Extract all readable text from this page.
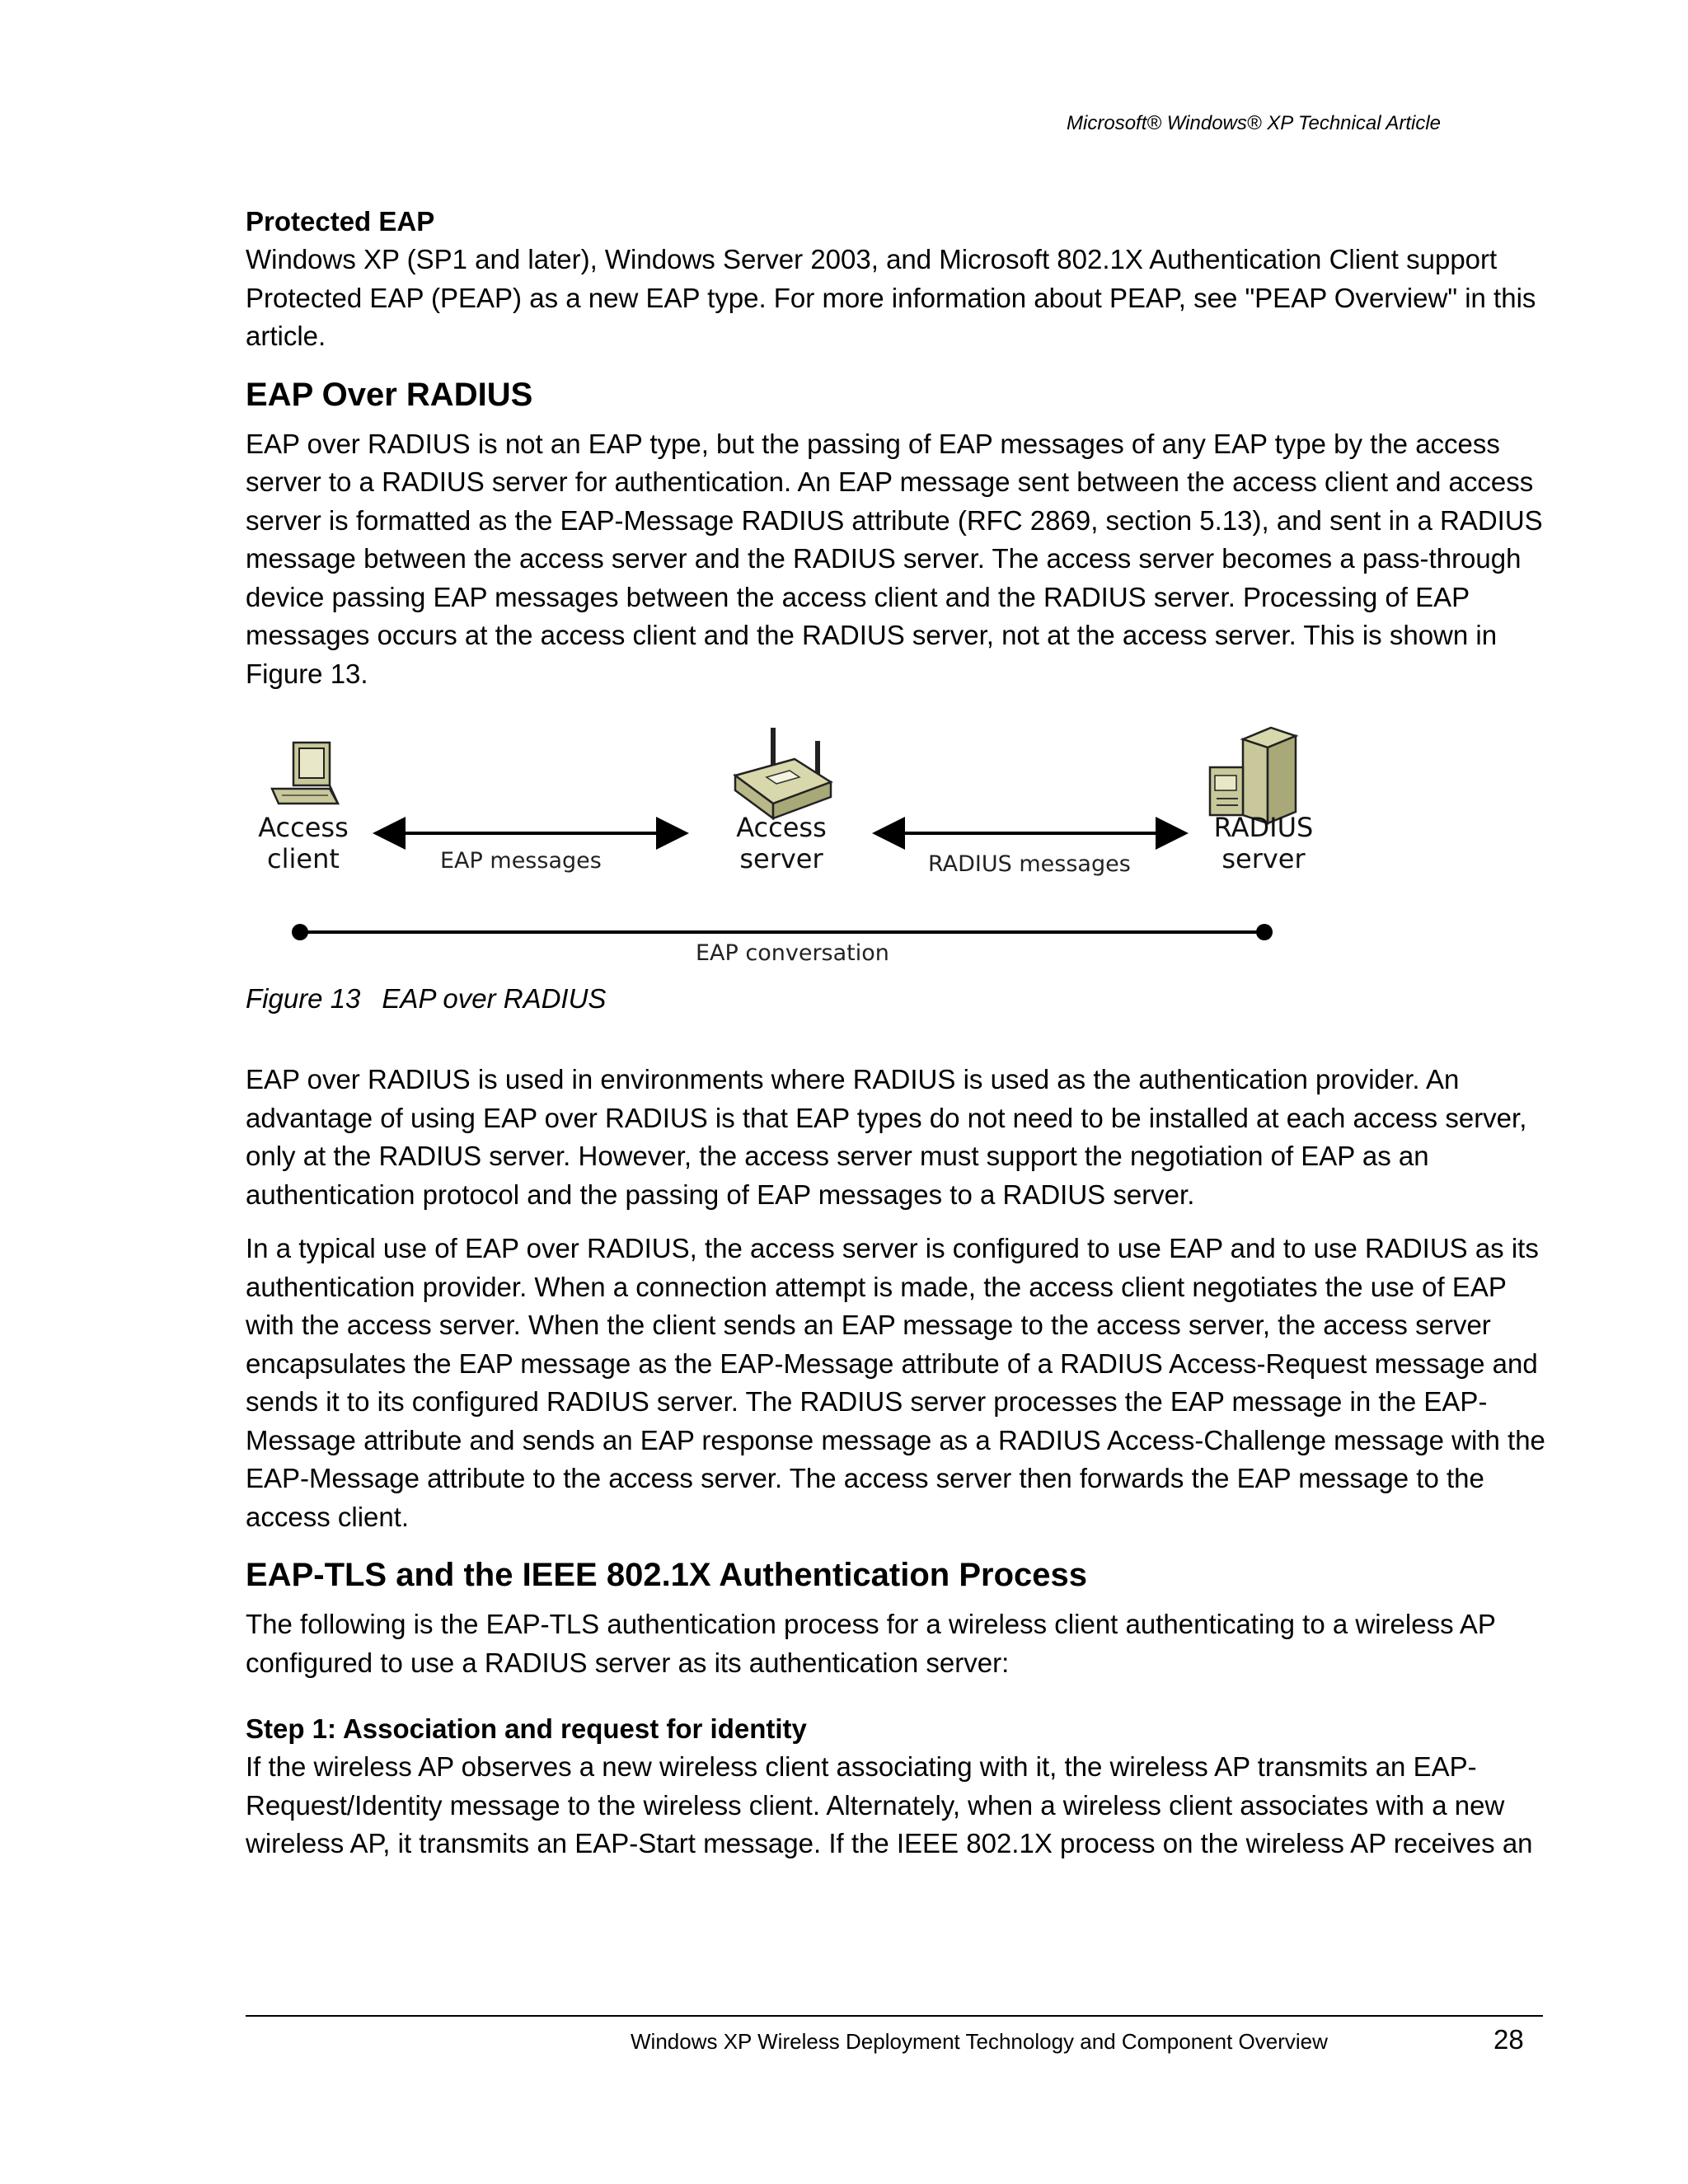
Microsoft® Windows® XP Technical Article
Protected EAP

Windows XP (SP1 and later), Windows Server 2003, and Microsoft 802.1X Authentication Client support Protected EAP (PEAP) as a new EAP type. For more information about PEAP, see "PEAP Overview" in this article.

EAP Over RADIUS

EAP over RADIUS is not an EAP type, but the passing of EAP messages of any EAP type by the access server to a RADIUS server for authentication. An EAP message sent between the access client and access server is formatted as the EAP-Message RADIUS attribute (RFC 2869, section 5.13), and sent in a RADIUS message between the access server and the RADIUS server. The access server becomes a pass-through device passing EAP messages between the access client and the RADIUS server. Processing of EAP messages occurs at the access client and the RADIUS server, not at the access server. This is shown in Figure 13.

Access
client
Access
server
RADIUS
server
EAP messages	RADIUS messages
EAP conversation
Figure 13 EAP over RADIUS

EAP over RADIUS is used in environments where RADIUS is used as the authentication provider. An advantage of using EAP over RADIUS is that EAP types do not need to be installed at each access server, only at the RADIUS server. However, the access server must support the negotiation of EAP as an authentication protocol and the passing of EAP messages to a RADIUS server.

In a typical use of EAP over RADIUS, the access server is configured to use EAP and to use RADIUS as its authentication provider. When a connection attempt is made, the access client negotiates the use of EAP with the access server. When the client sends an EAP message to the access server, the access server encapsulates the EAP message as the EAP-Message attribute of a RADIUS Access-Request message and sends it to its configured RADIUS server. The RADIUS server processes the EAP message in the EAP-Message attribute and sends an EAP response message as a RADIUS Access-Challenge message with the EAP-Message attribute to the access server. The access server then forwards the EAP message to the access client.

EAP-TLS and the IEEE 802.1X Authentication Process

The following is the EAP-TLS authentication process for a wireless client authenticating to a wireless AP configured to use a RADIUS server as its authentication server:

Step 1: Association and request for identity

If the wireless AP observes a new wireless client associating with it, the wireless AP transmits an EAP-Request/Identity message to the wireless client. Alternately, when a wireless client associates with a new wireless AP, it transmits an EAP-Start message. If the IEEE 802.1X process on the wireless AP receives an

Windows XP Wireless Deployment Technology and Component Overview	28
